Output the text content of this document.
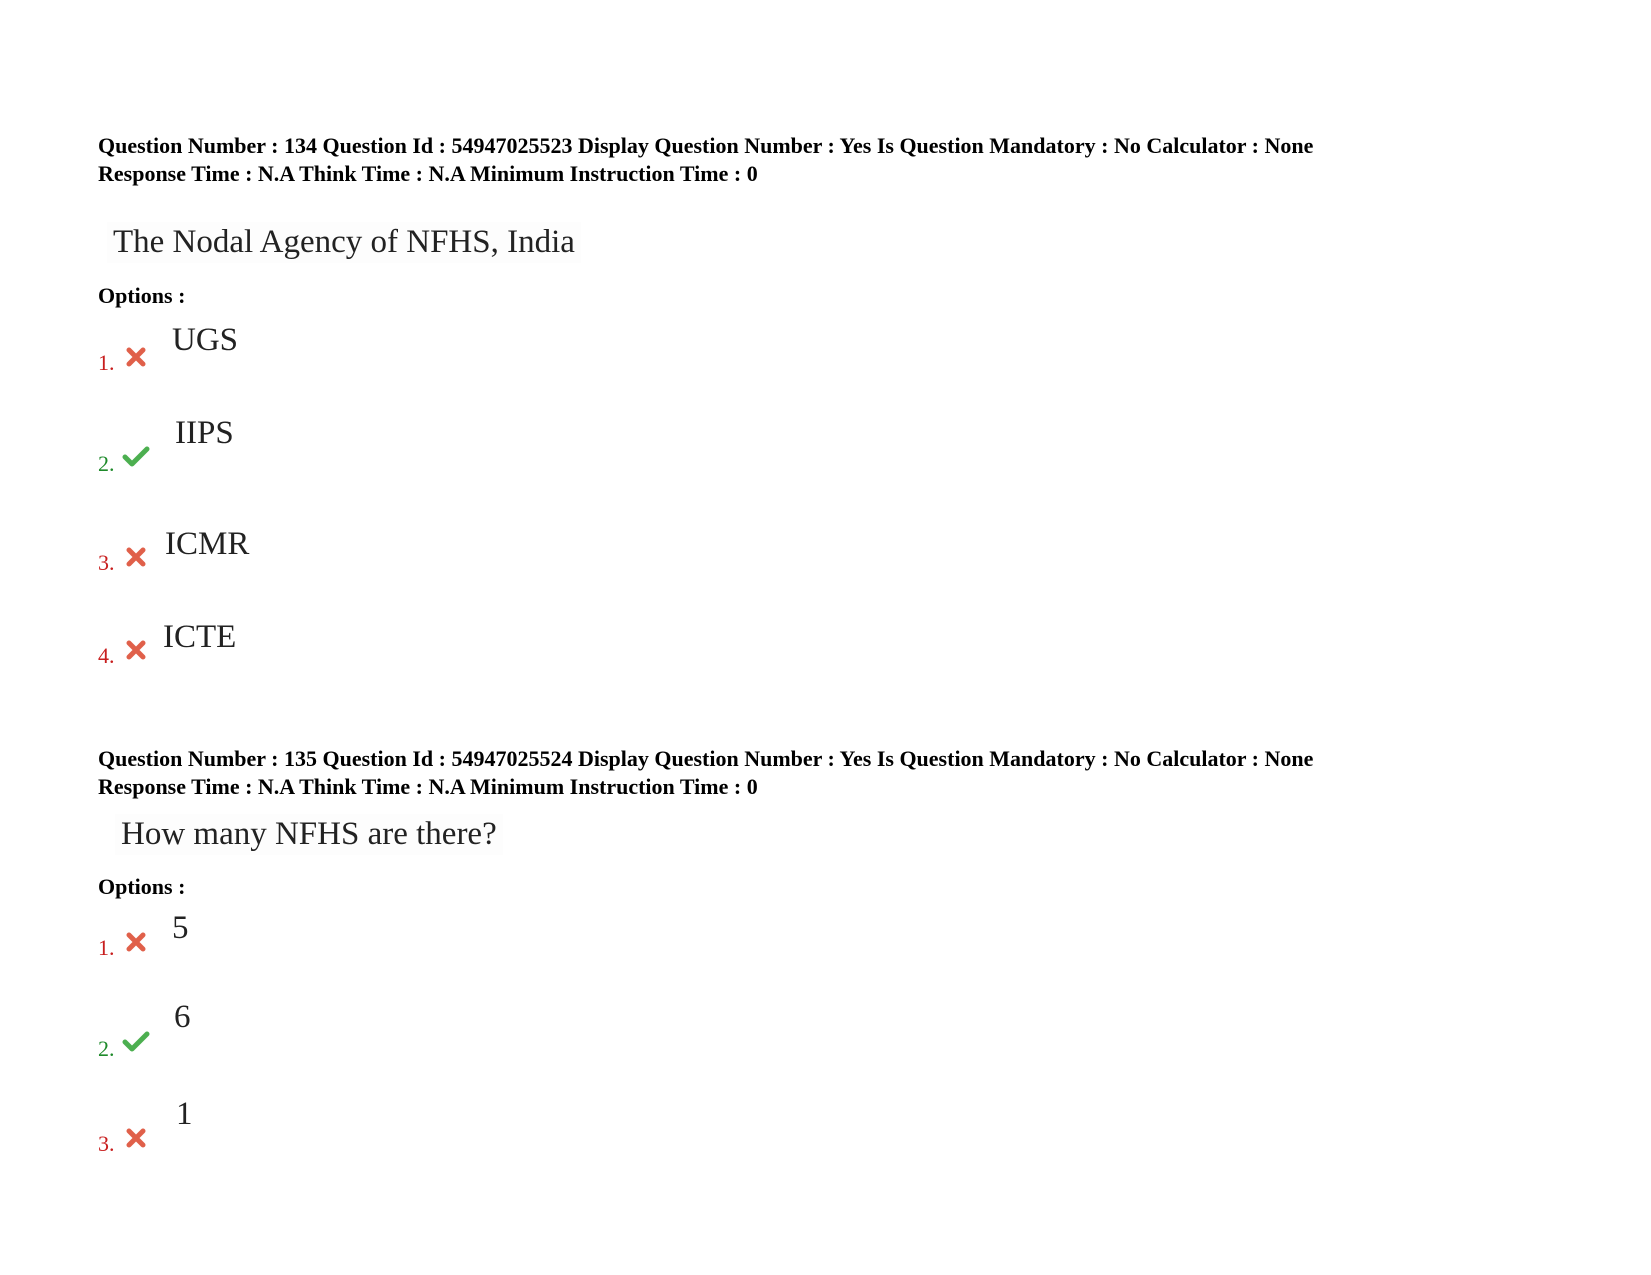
Question Number : 134 Question Id : 54947025523 Display Question Number : Yes Is Question Mandatory : No Calculator : None
Response Time : N.A Think Time : N.A Minimum Instruction Time : 0
The Nodal Agency of NFHS, India
Options :
1.
UGS
2.
IIPS
3.
ICMR
4.
ICTE
Question Number : 135 Question Id : 54947025524 Display Question Number : Yes Is Question Mandatory : No Calculator : None
Response Time : N.A Think Time : N.A Minimum Instruction Time : 0
How many NFHS are there?
Options :
1.
5
2.
6
3.
1
